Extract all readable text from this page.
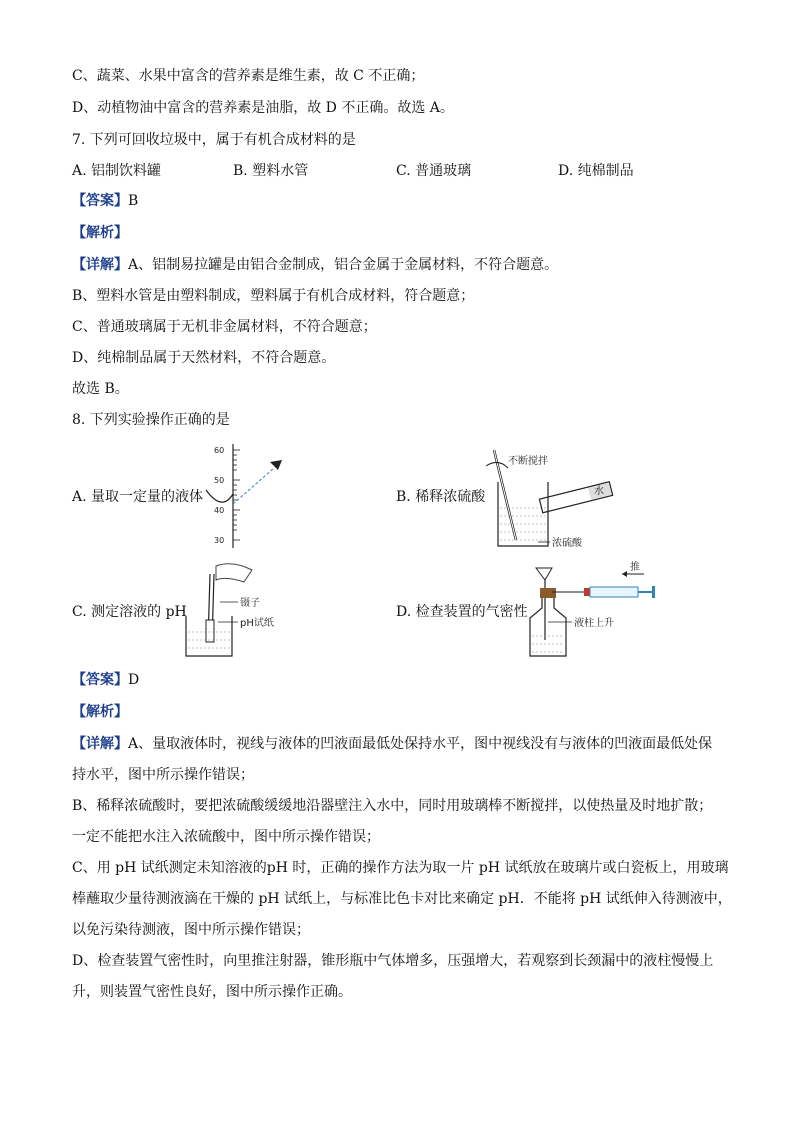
C、蔬菜、水果中富含的营养素是维生素，故 C 不正确；
D、动植物油中富含的营养素是油脂，故 D 不正确。故选 A。
7. 下列可回收垃圾中，属于有机合成材料的是
A. 铝制饮料罐	B. 塑料水管	C. 普通玻璃	D. 纯棉制品
【答案】B
【解析】
【详解】A、铝制易拉罐是由铝合金制成，铝合金属于金属材料，不符合题意。
B、塑料水管是由塑料制成，塑料属于有机合成材料，符合题意；
C、普通玻璃属于无机非金属材料，不符合题意；
D、纯棉制品属于天然材料，不符合题意。
故选 B。
8. 下列实验操作正确的是
A. 量取一定量的液体
60
50
40
30
B. 稀释浓硫酸
不断搅拌
水
浓硫酸
C. 测定溶液的 pH
镊子
pH试纸
D. 检查装置的气密性
推
液柱上升
【答案】D
【解析】
【详解】A、量取液体时，视线与液体的凹液面最低处保持水平，图中视线没有与液体的凹液面最低处保
持水平，图中所示操作错误；
B、稀释浓硫酸时，要把浓硫酸缓缓地沿器壁注入水中，同时用玻璃棒不断搅拌，以使热量及时地扩散；
一定不能把水注入浓硫酸中，图中所示操作错误；
C、用 pH 试纸测定未知溶液的pH 时，正确的操作方法为取一片 pH 试纸放在玻璃片或白瓷板上，用玻璃
棒蘸取少量待测液滴在干燥的 pH 试纸上，与标准比色卡对比来确定 pH．不能将 pH 试纸伸入待测液中，
以免污染待测液，图中所示操作错误；
D、检查装置气密性时，向里推注射器，锥形瓶中气体增多，压强增大，若观察到长颈漏中的液柱慢慢上
升，则装置气密性良好，图中所示操作正确。
